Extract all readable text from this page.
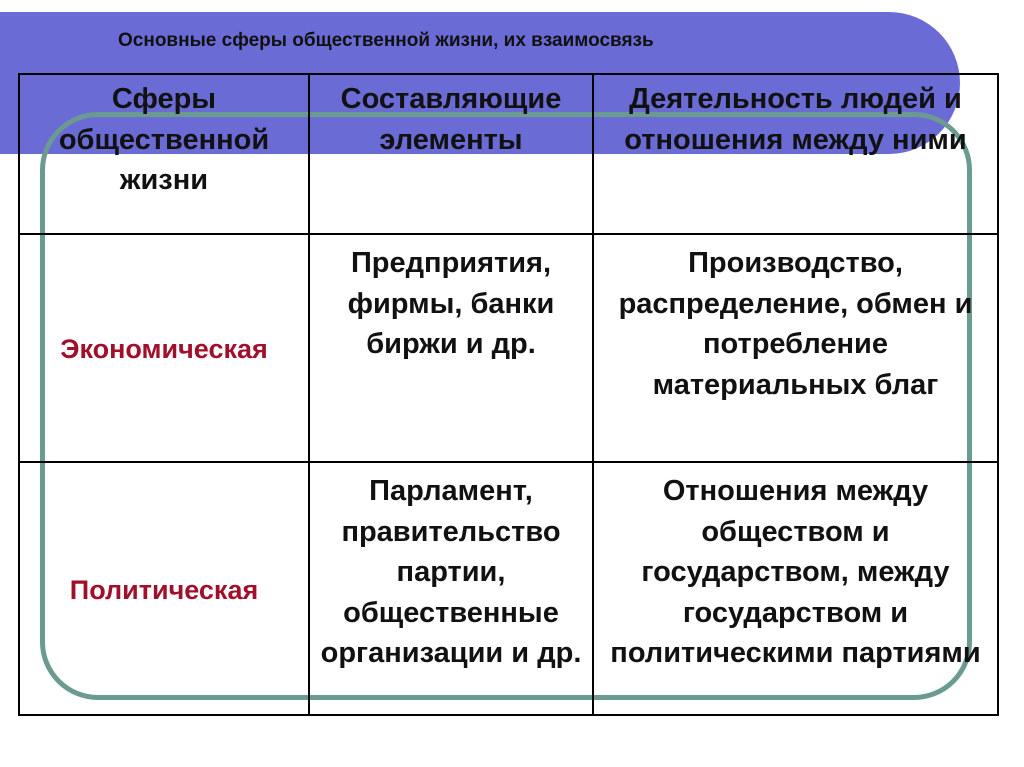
Основные сферы общественной жизни, их взаимосвязь
Сферы общественной жизни	Составляющие элементы	Деятельность людей и отношения между ними
Экономическая	Предприятия, фирмы, банки биржи и др.	Производство, распределение, обмен и потребление материальных благ
Политическая	Парламент, правительство партии, общественные организации и др.	Отношения между обществом и государством, между государством и политическими партиями
